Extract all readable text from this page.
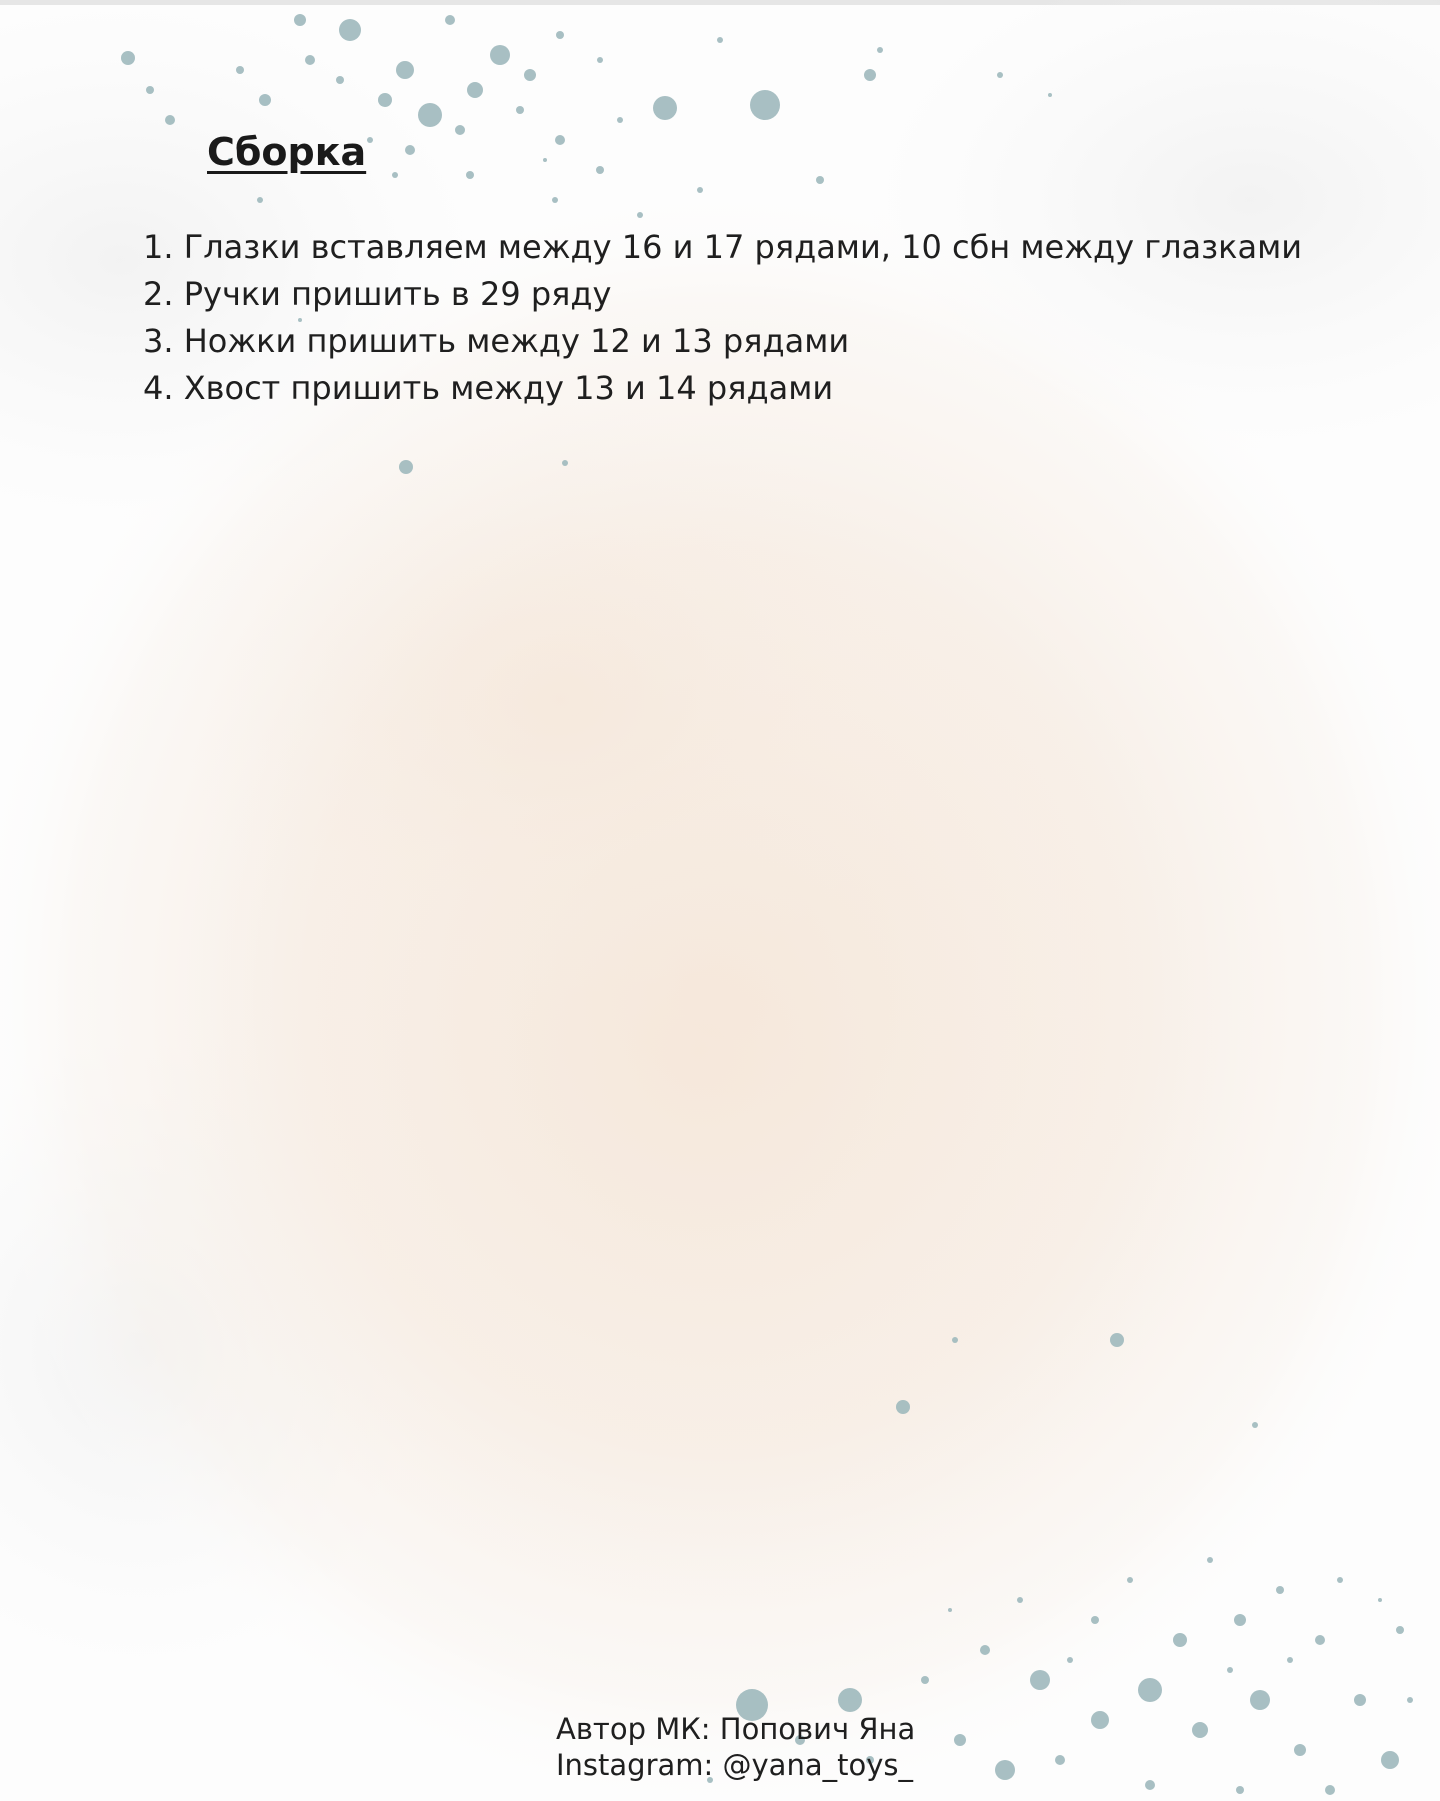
Сборка
1 . Глазки вставляем между 16 и 17 рядами, 10 сбн между глазками
2 . Ручки пришить в 29 ряду
3 . Ножки пришить между 12 и 13 рядами
4 . Хвост пришить между 13 и 14 рядами
Автор МК: Попович Яна
Instagram: @yana_toys_
